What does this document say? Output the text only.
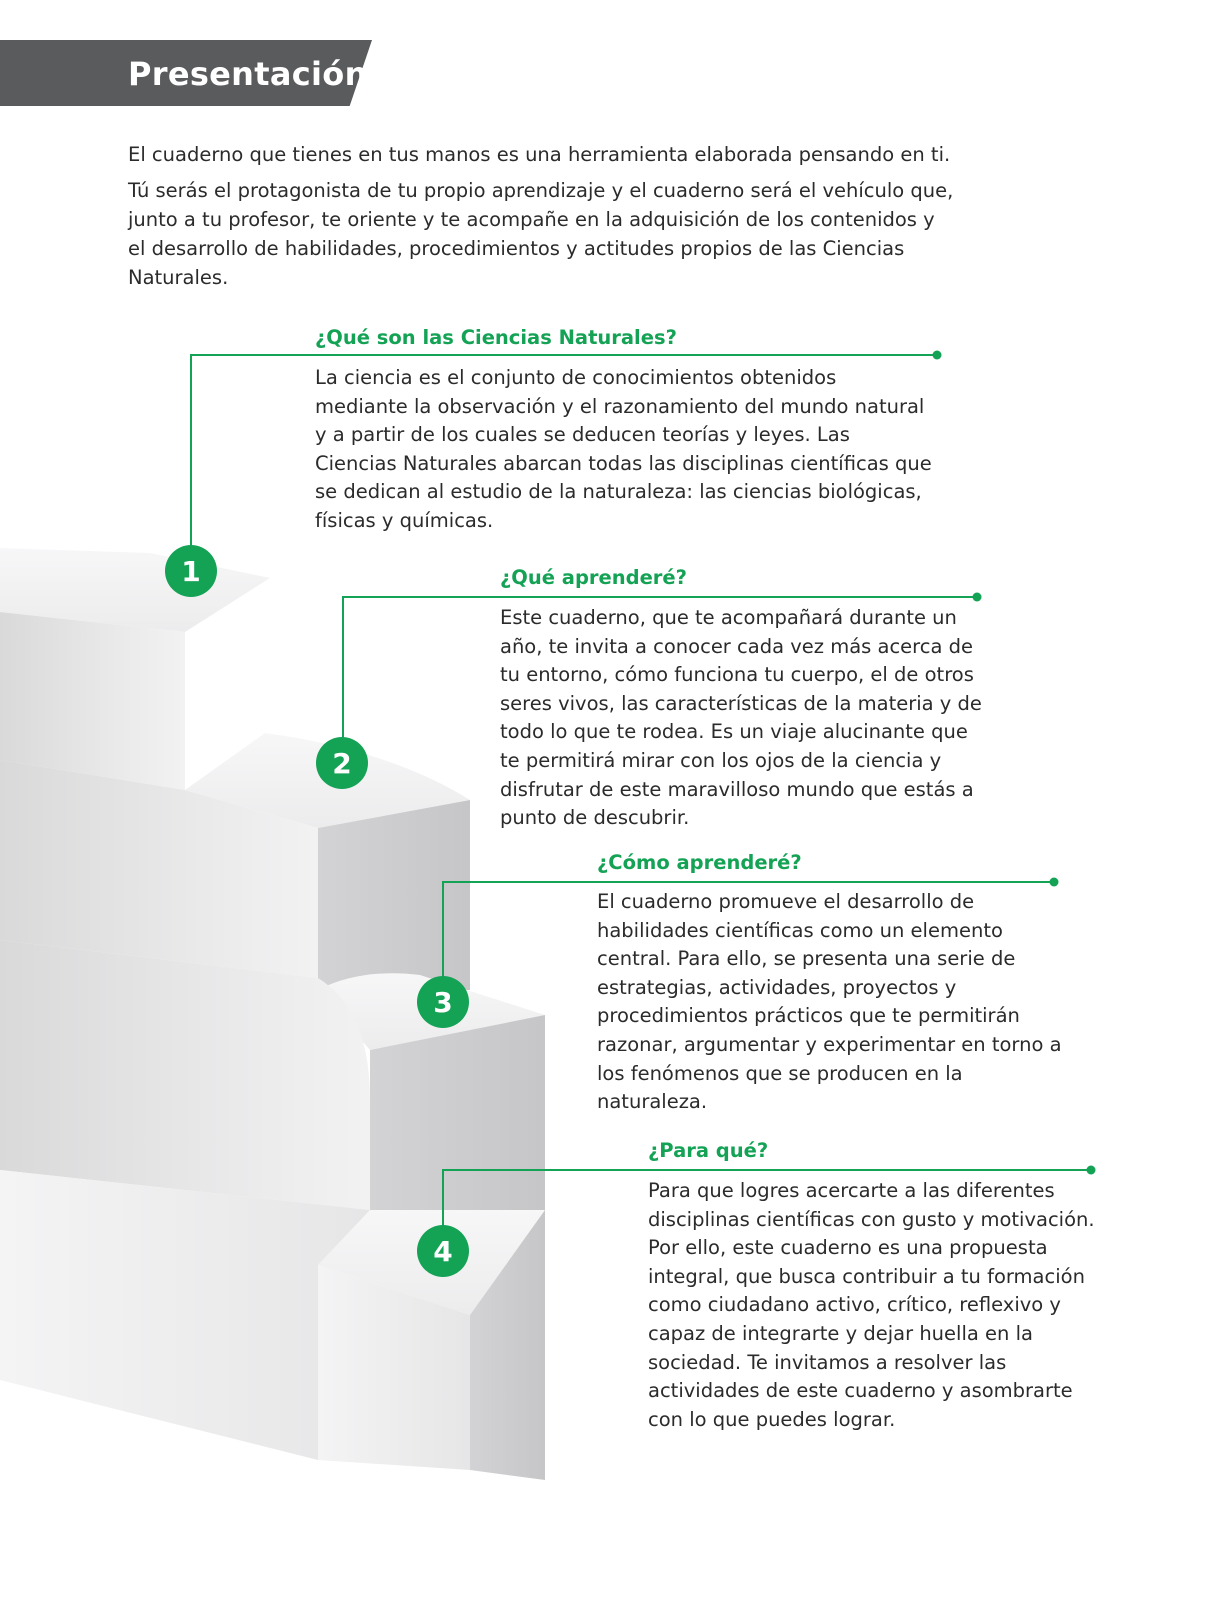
Presentación

El cuaderno que tienes en tus manos es una herramienta elaborada pensando en ti.

Tú serás el protagonista de tu propio aprendizaje y el cuaderno será el vehículo que, junto a tu profesor, te oriente y te acompañe en la adquisición de los contenidos y el desarrollo de habilidades, procedimientos y actitudes propios de las Ciencias Naturales.

1
2
3
4
¿Qué son las Ciencias Naturales?

La ciencia es el conjunto de conocimientos obtenidos mediante la observación y el razonamiento del mundo natural y a partir de los cuales se deducen teorías y leyes. Las Ciencias Naturales abarcan todas las disciplinas científicas que se dedican al estudio de la naturaleza: las ciencias biológicas, físicas y químicas.

¿Qué aprenderé?

Este cuaderno, que te acompañará durante un año, te invita a conocer cada vez más acerca de tu entorno, cómo funciona tu cuerpo, el de otros seres vivos, las características de la materia y de todo lo que te rodea. Es un viaje alucinante que te permitirá mirar con los ojos de la ciencia y disfrutar de este maravilloso mundo que estás a punto de descubrir.

¿Cómo aprenderé?

El cuaderno promueve el desarrollo de habilidades científicas como un elemento central. Para ello, se presenta una serie de estrategias, actividades, proyectos y procedimientos prácticos que te permitirán razonar, argumentar y experimentar en torno a los fenómenos que se producen en la naturaleza.

¿Para qué?

Para que logres acercarte a las diferentes disciplinas científicas con gusto y motivación. Por ello, este cuaderno es una propuesta integral, que busca contribuir a tu formación como ciudadano activo, crítico, reflexivo y capaz de integrarte y dejar huella en la sociedad. Te invitamos a resolver las actividades de este cuaderno y asombrarte con lo que puedes lograr.
